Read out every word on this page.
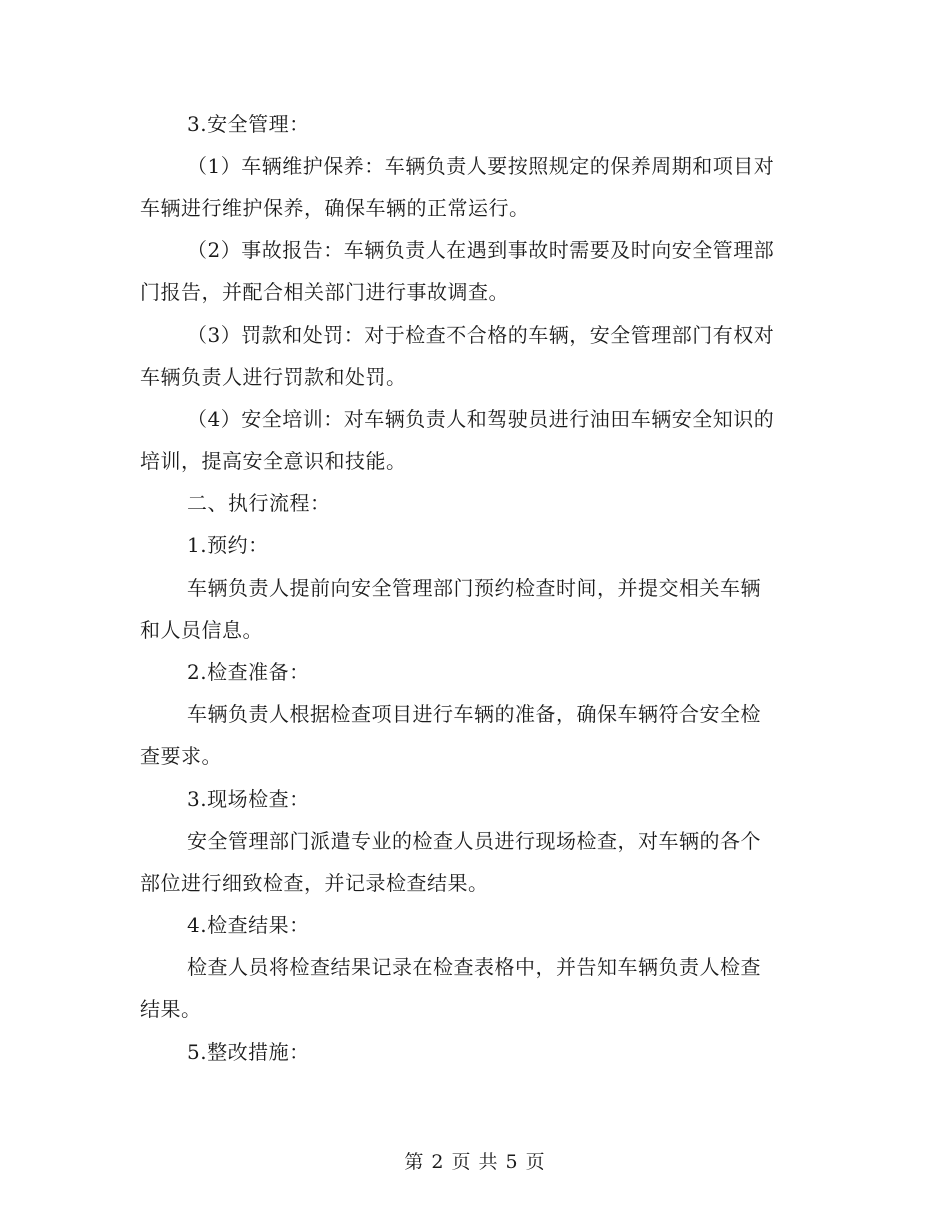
3.安全管理：
（1）车辆维护保养：车辆负责人要按照规定的保养周期和项目对
车辆进行维护保养，确保车辆的正常运行。
（2）事故报告：车辆负责人在遇到事故时需要及时向安全管理部
门报告，并配合相关部门进行事故调查。
（3）罚款和处罚：对于检查不合格的车辆，安全管理部门有权对
车辆负责人进行罚款和处罚。
（4）安全培训：对车辆负责人和驾驶员进行油田车辆安全知识的
培训，提高安全意识和技能。
二、执行流程：
1.预约：
车辆负责人提前向安全管理部门预约检查时间，并提交相关车辆
和人员信息。
2.检查准备：
车辆负责人根据检查项目进行车辆的准备，确保车辆符合安全检
查要求。
3.现场检查：
安全管理部门派遣专业的检查人员进行现场检查，对车辆的各个
部位进行细致检查，并记录检查结果。
4.检查结果：
检查人员将检查结果记录在检查表格中，并告知车辆负责人检查
结果。
5.整改措施：
第 2 页 共 5 页
